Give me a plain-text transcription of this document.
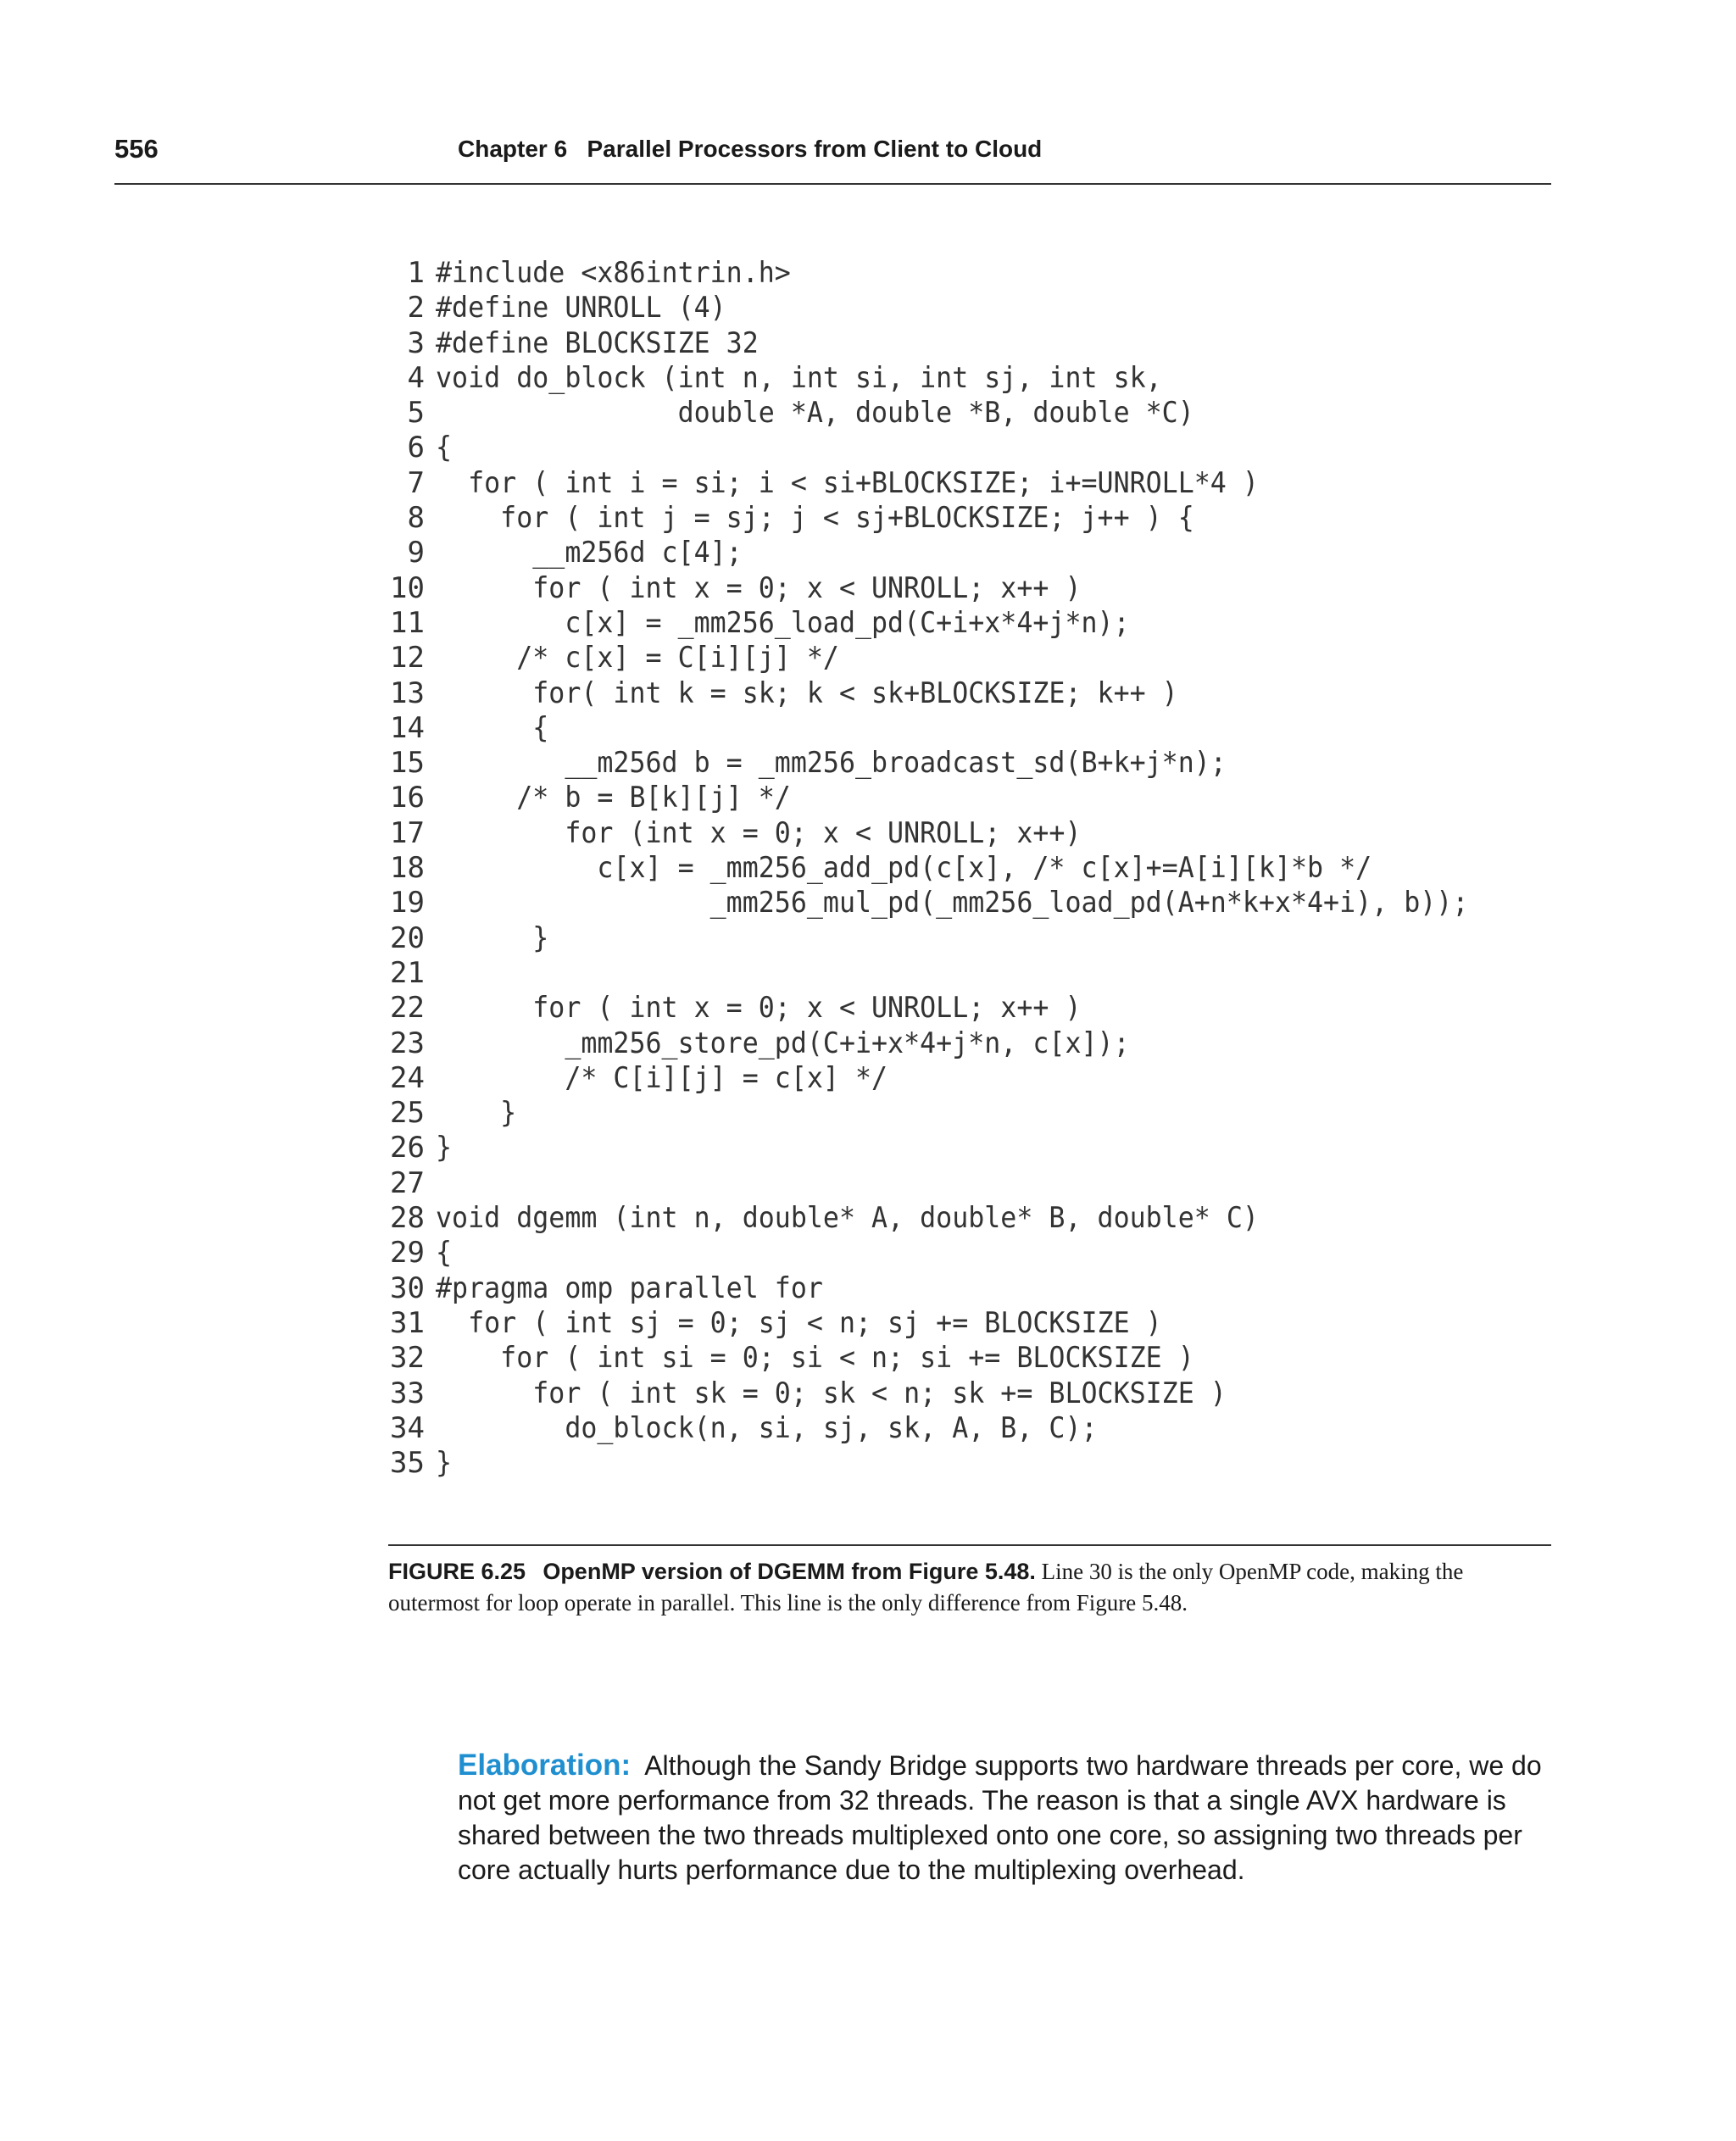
556	Chapter 6   Parallel Processors from Client to Cloud
1 #include <x86intrin.h>
2 #define UNROLL (4)
3 #define BLOCKSIZE 32
4 void do_block (int n, int si, int sj, int sk,
5               double *A, double *B, double *C)
6 {
7  for ( int i = si; i < si+BLOCKSIZE; i+=UNROLL*4 )
8    for ( int j = sj; j < sj+BLOCKSIZE; j++ ) {
9      __m256d c[4];
10      for ( int x = 0; x < UNROLL; x++ )
11        c[x] = _mm256_load_pd(C+i+x*4+j*n);
12     /* c[x] = C[i][j] */
13      for( int k = sk; k < sk+BLOCKSIZE; k++ )
14      {
15        __m256d b = _mm256_broadcast_sd(B+k+j*n);
16     /* b = B[k][j] */
17        for (int x = 0; x < UNROLL; x++)
18          c[x] = _mm256_add_pd(c[x], /* c[x]+=A[i][k]*b */
19                 _mm256_mul_pd(_mm256_load_pd(A+n*k+x*4+i), b));
20      }
21
22      for ( int x = 0; x < UNROLL; x++ )
23        _mm256_store_pd(C+i+x*4+j*n, c[x]);
24        /* C[i][j] = c[x] */
25    }
26 }
27
28 void dgemm (int n, double* A, double* B, double* C)
29 {
30 #pragma omp parallel for
31  for ( int sj = 0; sj < n; sj += BLOCKSIZE )
32    for ( int si = 0; si < n; si += BLOCKSIZE )
33      for ( int sk = 0; sk < n; sk += BLOCKSIZE )
34        do_block(n, si, sj, sk, A, B, C);
35 }
FIGURE 6.25 OpenMP version of DGEMM from Figure 5.48. Line 30 is the only OpenMP code, making the outermost for loop operate in parallel. This line is the only difference from Figure 5.48.
Elaboration: Although the Sandy Bridge supports two hardware threads per core, we do not get more performance from 32 threads. The reason is that a single AVX hardware is shared between the two threads multiplexed onto one core, so assigning two threads per core actually hurts performance due to the multiplexing overhead.
